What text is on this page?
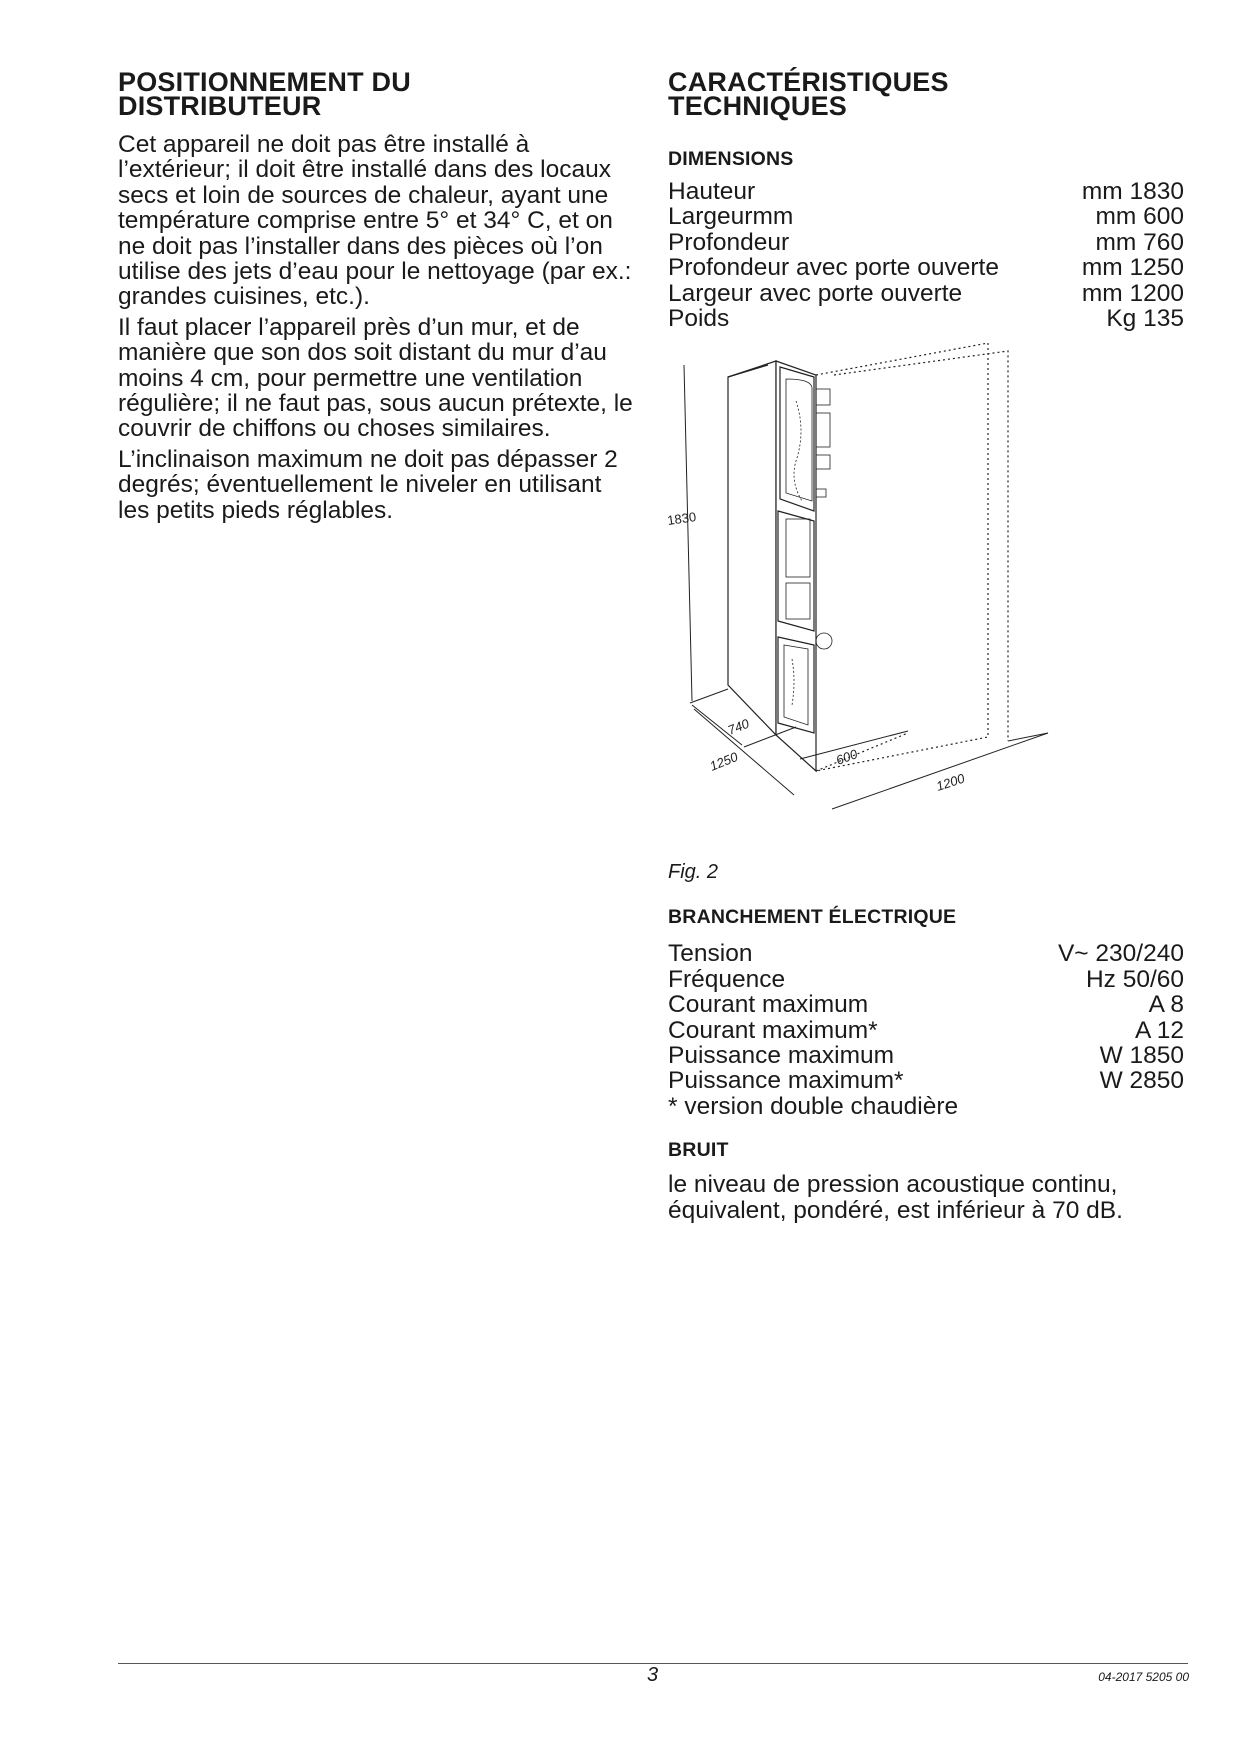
POSITIONNEMENT DU
DISTRIBUTEUR

Cet appareil ne doit pas être installé à l’extérieur; il doit être installé dans des locaux secs et loin de sources de chaleur, ayant une température comprise entre 5° et 34° C, et on ne doit pas l’installer dans des pièces où l’on utilise des jets d’eau pour le nettoyage (par ex.: grandes cuisines, etc.).

Il faut placer l’appareil près d’un mur, et de manière que son dos soit distant du mur d’au moins 4 cm, pour permettre une ventilation régulière; il ne faut pas, sous aucun prétexte, le couvrir de chiffons ou choses similaires.

L’inclinaison maximum ne doit pas dépasser 2 degrés; éventuellement le niveler en utilisant les petits pieds réglables.

CARACTÉRISTIQUES
TECHNIQUES
DIMENSIONS
Hauteur	mm 1830
Largeurmm	mm 600
Profondeur	mm 760
Profondeur avec porte ouverte	mm 1250
Largeur avec porte ouverte	mm 1200
Poids	Kg 135
1830
740
1250	600
1200

Fig. 2

BRANCHEMENT ÉLECTRIQUE
Tension	V~ 230/240
Fréquence	Hz 50/60
Courant maximum	A 8
Courant maximum*	A 12
Puissance maximum	W 1850
Puissance maximum*	W 2850
* version double chaudière
BRUIT
le niveau de pression acoustique continu, équivalent, pondéré, est inférieur à 70 dB.
3	04-2017 5205 00
